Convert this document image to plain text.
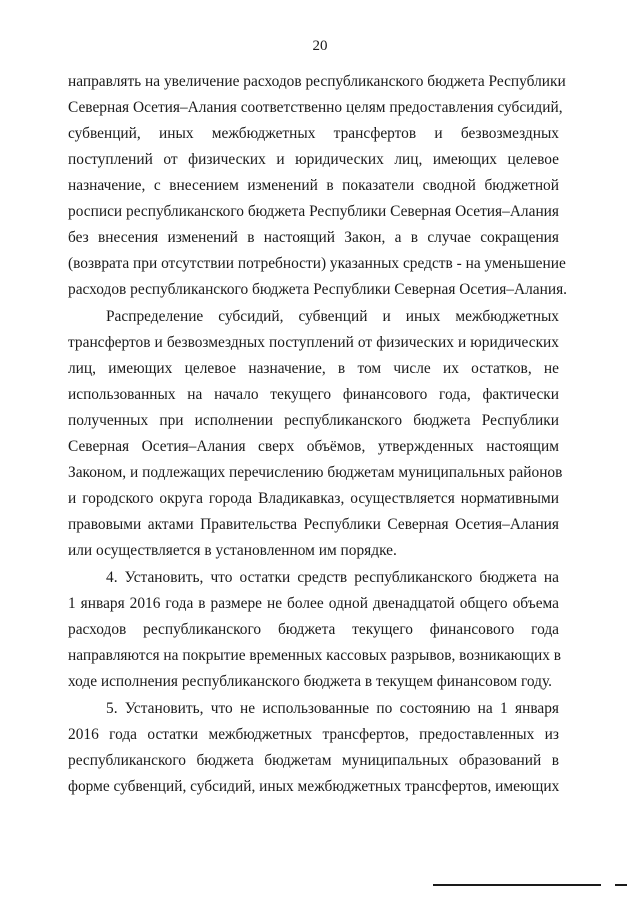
20
направлять на увеличение расходов республиканского бюджета Республики
Северная Осетия–Алания соответственно целям предоставления субсидий,
субвенций, иных межбюджетных трансфертов и безвозмездных
поступлений от физических и юридических лиц, имеющих целевое
назначение, с внесением изменений в показатели сводной бюджетной
росписи республиканского бюджета Республики Северная Осетия–Алания
без внесения изменений в настоящий Закон, а в случае сокращения
(возврата при отсутствии потребности) указанных средств - на уменьшение
расходов республиканского бюджета Республики Северная Осетия–Алания.
Распределение субсидий, субвенций и иных межбюджетных
трансфертов и безвозмездных поступлений от физических и юридических
лиц, имеющих целевое назначение, в том числе их остатков, не
использованных на начало текущего финансового года, фактически
полученных при исполнении республиканского бюджета Республики
Северная Осетия–Алания сверх объёмов, утвержденных настоящим
Законом, и подлежащих перечислению бюджетам муниципальных районов
и городского округа города Владикавказ, осуществляется нормативными
правовыми актами Правительства Республики Северная Осетия–Алания
или осуществляется в установленном им порядке.
4. Установить, что остатки средств республиканского бюджета на
1 января 2016 года в размере не более одной двенадцатой общего объема
расходов республиканского бюджета текущего финансового года
направляются на покрытие временных кассовых разрывов, возникающих в
ходе исполнения республиканского бюджета в текущем финансовом году.
5. Установить, что не использованные по состоянию на 1 января
2016 года остатки межбюджетных трансфертов, предоставленных из
республиканского бюджета бюджетам муниципальных образований в
форме субвенций, субсидий, иных межбюджетных трансфертов, имеющих
